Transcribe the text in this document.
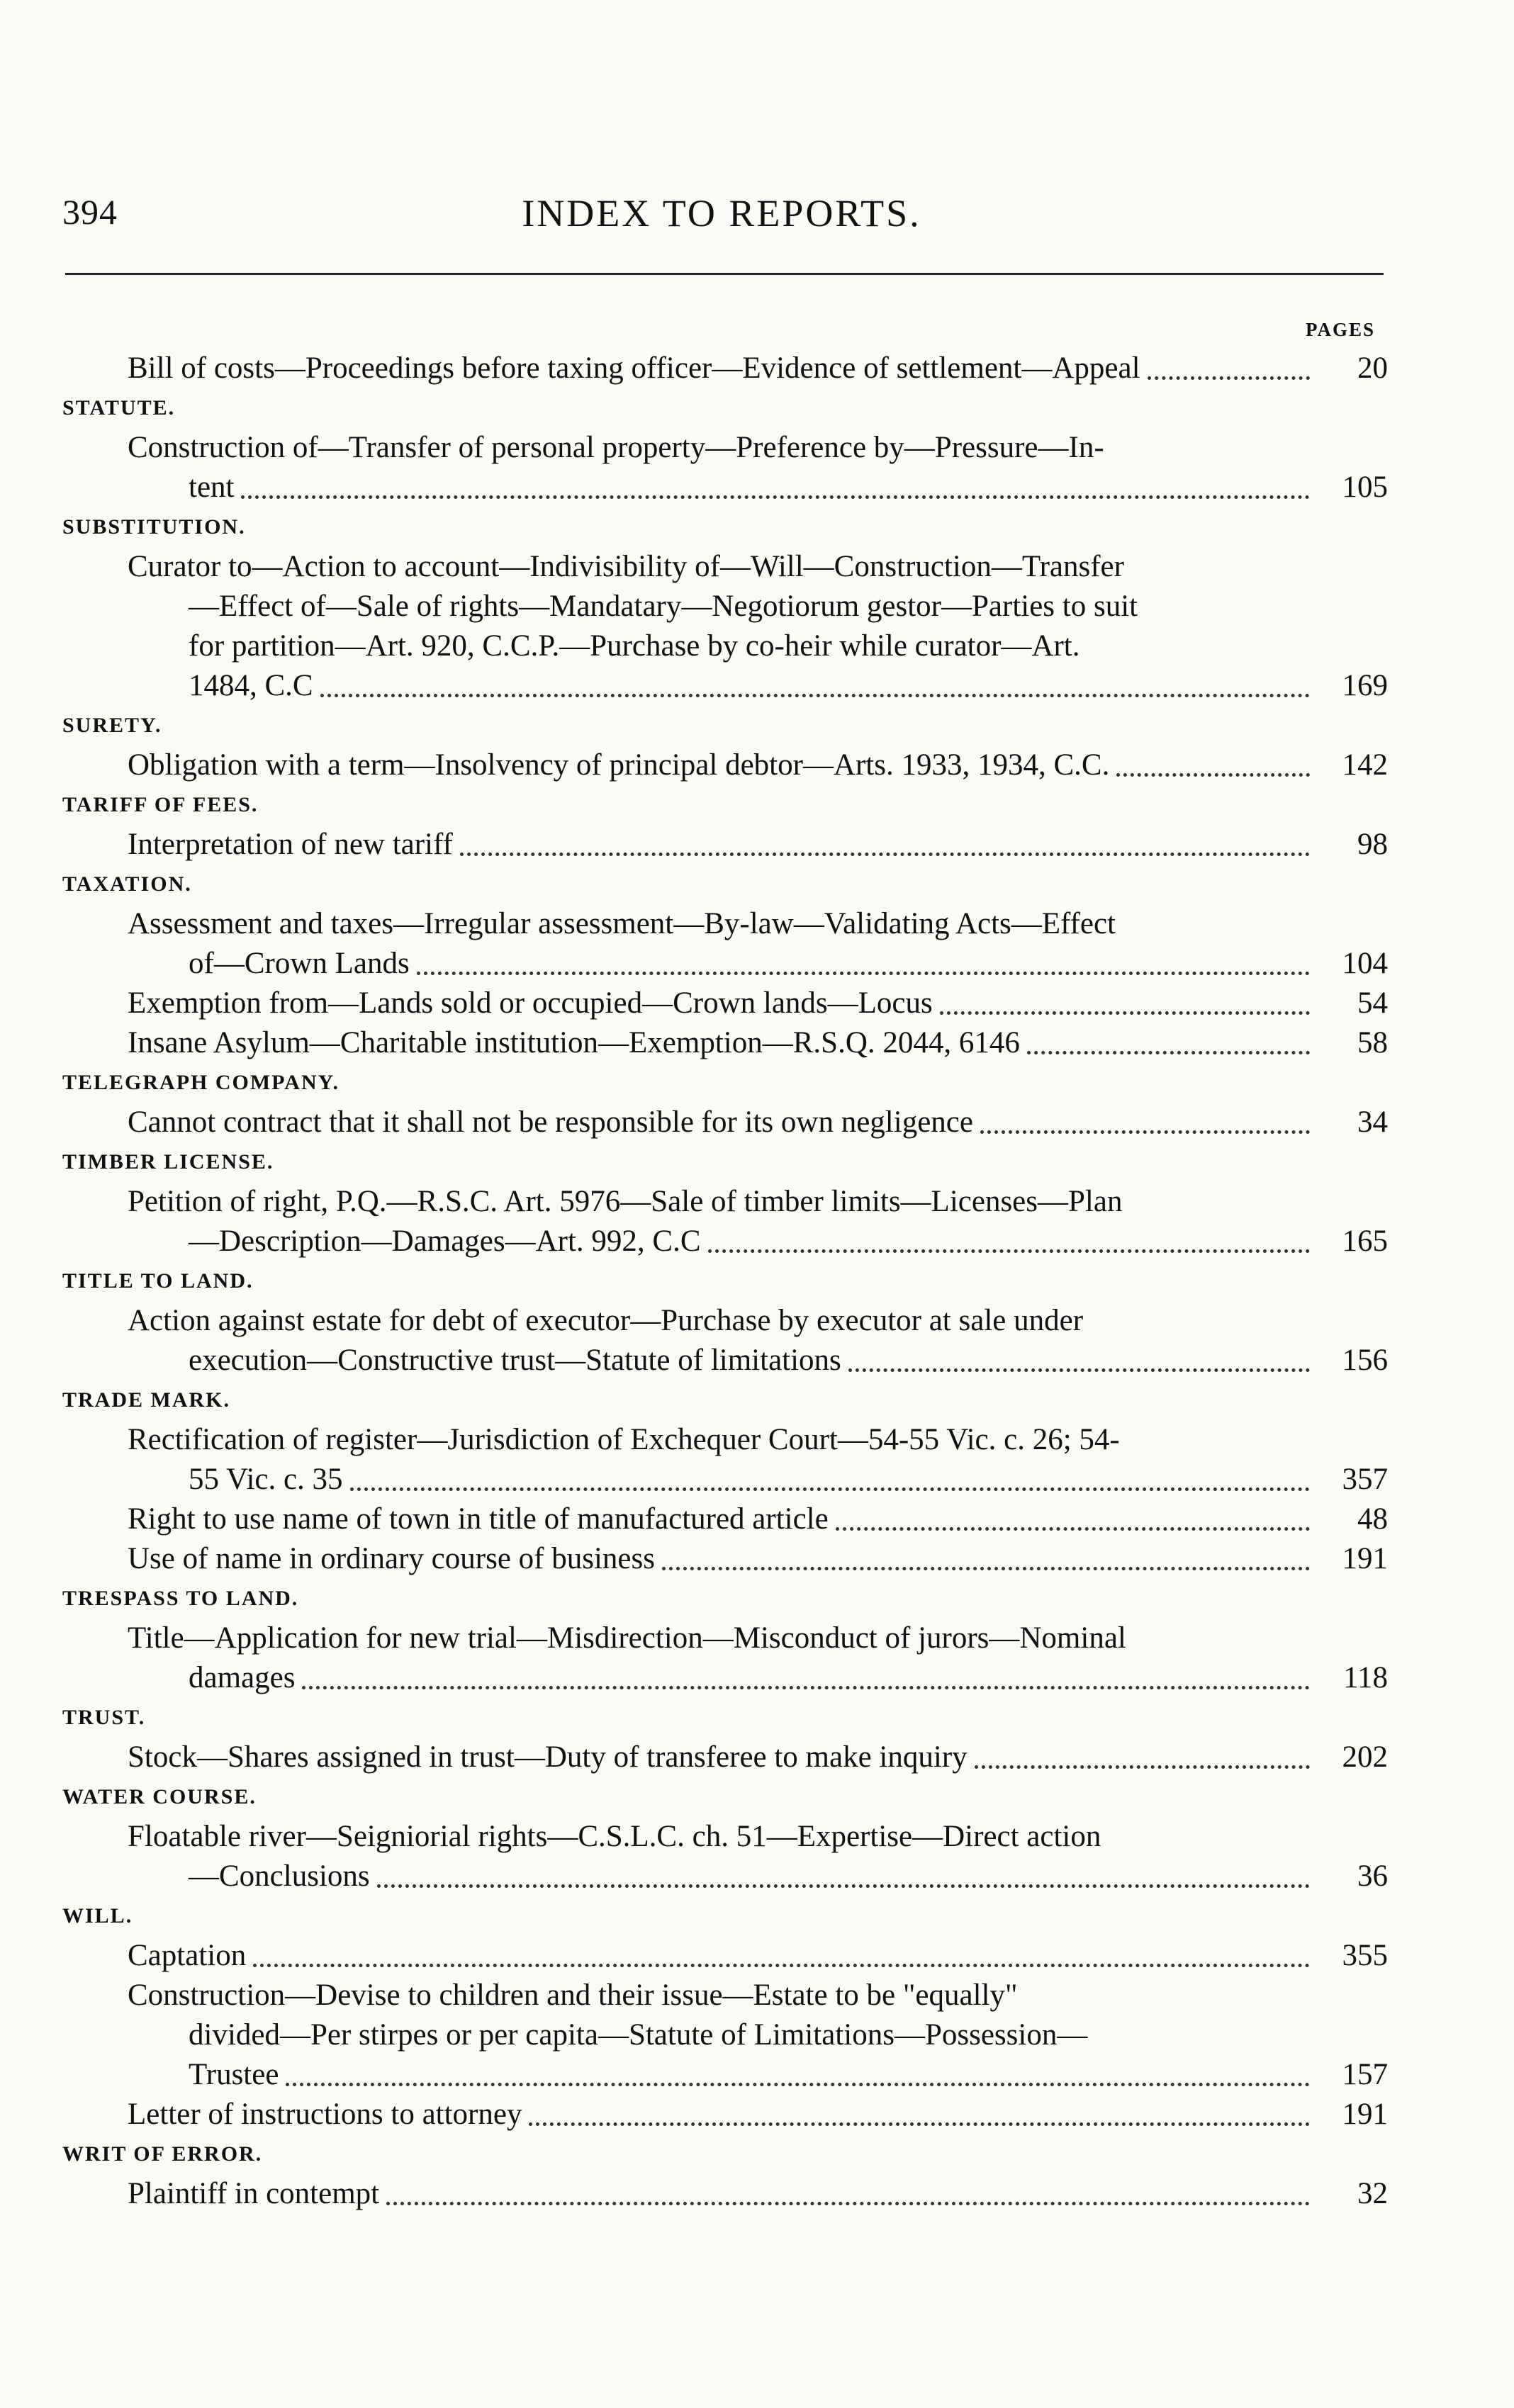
394	INDEX TO REPORTS.
PAGES
Bill of costs—Proceedings before taxing officer—Evidence of settlement—Appeal	20
STATUTE.
Construction of—Transfer of personal property—Preference by—Pressure—In-
tent	105
SUBSTITUTION.
Curator to—Action to account—Indivisibility of—Will—Construction—Transfer
—Effect of—Sale of rights—Mandatary—Negotiorum gestor—Parties to suit
for partition—Art. 920, C.C.P.—Purchase by co-heir while curator—Art.
1484, C.C	169
SURETY.
Obligation with a term—Insolvency of principal debtor—Arts. 1933, 1934, C.C.	142
TARIFF OF FEES.
Interpretation of new tariff	98
TAXATION.
Assessment and taxes—Irregular assessment—By-law—Validating Acts—Effect
of—Crown Lands	104
Exemption from—Lands sold or occupied—Crown lands—Locus	54
Insane Asylum—Charitable institution—Exemption—R.S.Q. 2044, 6146	58
TELEGRAPH COMPANY.
Cannot contract that it shall not be responsible for its own negligence	34
TIMBER LICENSE.
Petition of right, P.Q.—R.S.C. Art. 5976—Sale of timber limits—Licenses—Plan
—Description—Damages—Art. 992, C.C	165
TITLE TO LAND.
Action against estate for debt of executor—Purchase by executor at sale under
execution—Constructive trust—Statute of limitations	156
TRADE MARK.
Rectification of register—Jurisdiction of Exchequer Court—54-55 Vic. c. 26; 54-
55 Vic. c. 35	357
Right to use name of town in title of manufactured article	48
Use of name in ordinary course of business	191
TRESPASS TO LAND.
Title—Application for new trial—Misdirection—Misconduct of jurors—Nominal
damages	118
TRUST.
Stock—Shares assigned in trust—Duty of transferee to make inquiry	202
WATER COURSE.
Floatable river—Seigniorial rights—C.S.L.C. ch. 51—Expertise—Direct action
—Conclusions	36
WILL.
Captation	355
Construction—Devise to children and their issue—Estate to be "equally"
divided—Per stirpes or per capita—Statute of Limitations—Possession—
Trustee	157
Letter of instructions to attorney	191
WRIT OF ERROR.
Plaintiff in contempt	32
